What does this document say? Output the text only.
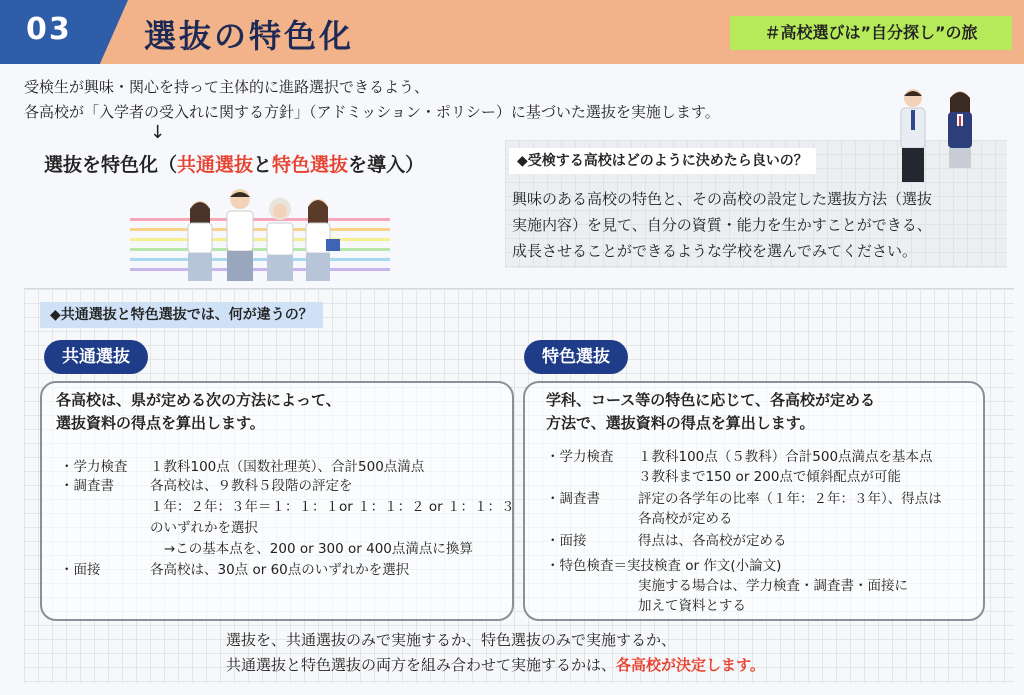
03 選抜の特色化	＃高校選びは”自分探し”の旅
受検生が興味・関心を持って主体的に進路選択できるよう、
各高校が「入学者の受入れに関する方針」（アドミッション・ポリシー）に基づいた選抜を実施します。
↓
選抜を特色化（共通選抜と特色選抜を導入）	◆受検する高校はどのように決めたら良いの？
興味のある高校の特色と、その高校の設定した選抜方法（選抜
実施内容）を見て、自分の資質・能力を生かすことができる、
成長させることができるような学校を選んでみてください。
◆共通選抜と特色選抜では、何が違うの？
共通選抜	特色選抜
各高校は、県が定める次の方法によって、
選抜資料の得点を算出します。
学科、コース等の特色に応じて、各高校が定める
方法で、選抜資料の得点を算出します。
・学力検査 １教科100点（国数社理英）、合計500点満点
・調査書	各高校は、９教科５段階の評定を
１年：２年：３年＝１：１：１or １：１：２ or １：１：３
のいずれかを選択
→この基本点を、200 or 300 or 400点満点に換算
・面接	各高校は、30点 or 60点のいずれかを選択
・学力検査 １教科100点（５教科）合計500点満点を基本点
３教科まで150 or 200点で傾斜配点が可能
・調査書	評定の各学年の比率（１年：２年：３年）、得点は
各高校が定める
・面接	得点は、各高校が定める
・特色検査＝実技検査 or 作文(小論文)
実施する場合は、学力検査・調査書・面接に
加えて資料とする
選抜を、共通選抜のみで実施するか、特色選抜のみで実施するか、
共通選抜と特色選抜の両方を組み合わせて実施するかは、各高校が決定します。
